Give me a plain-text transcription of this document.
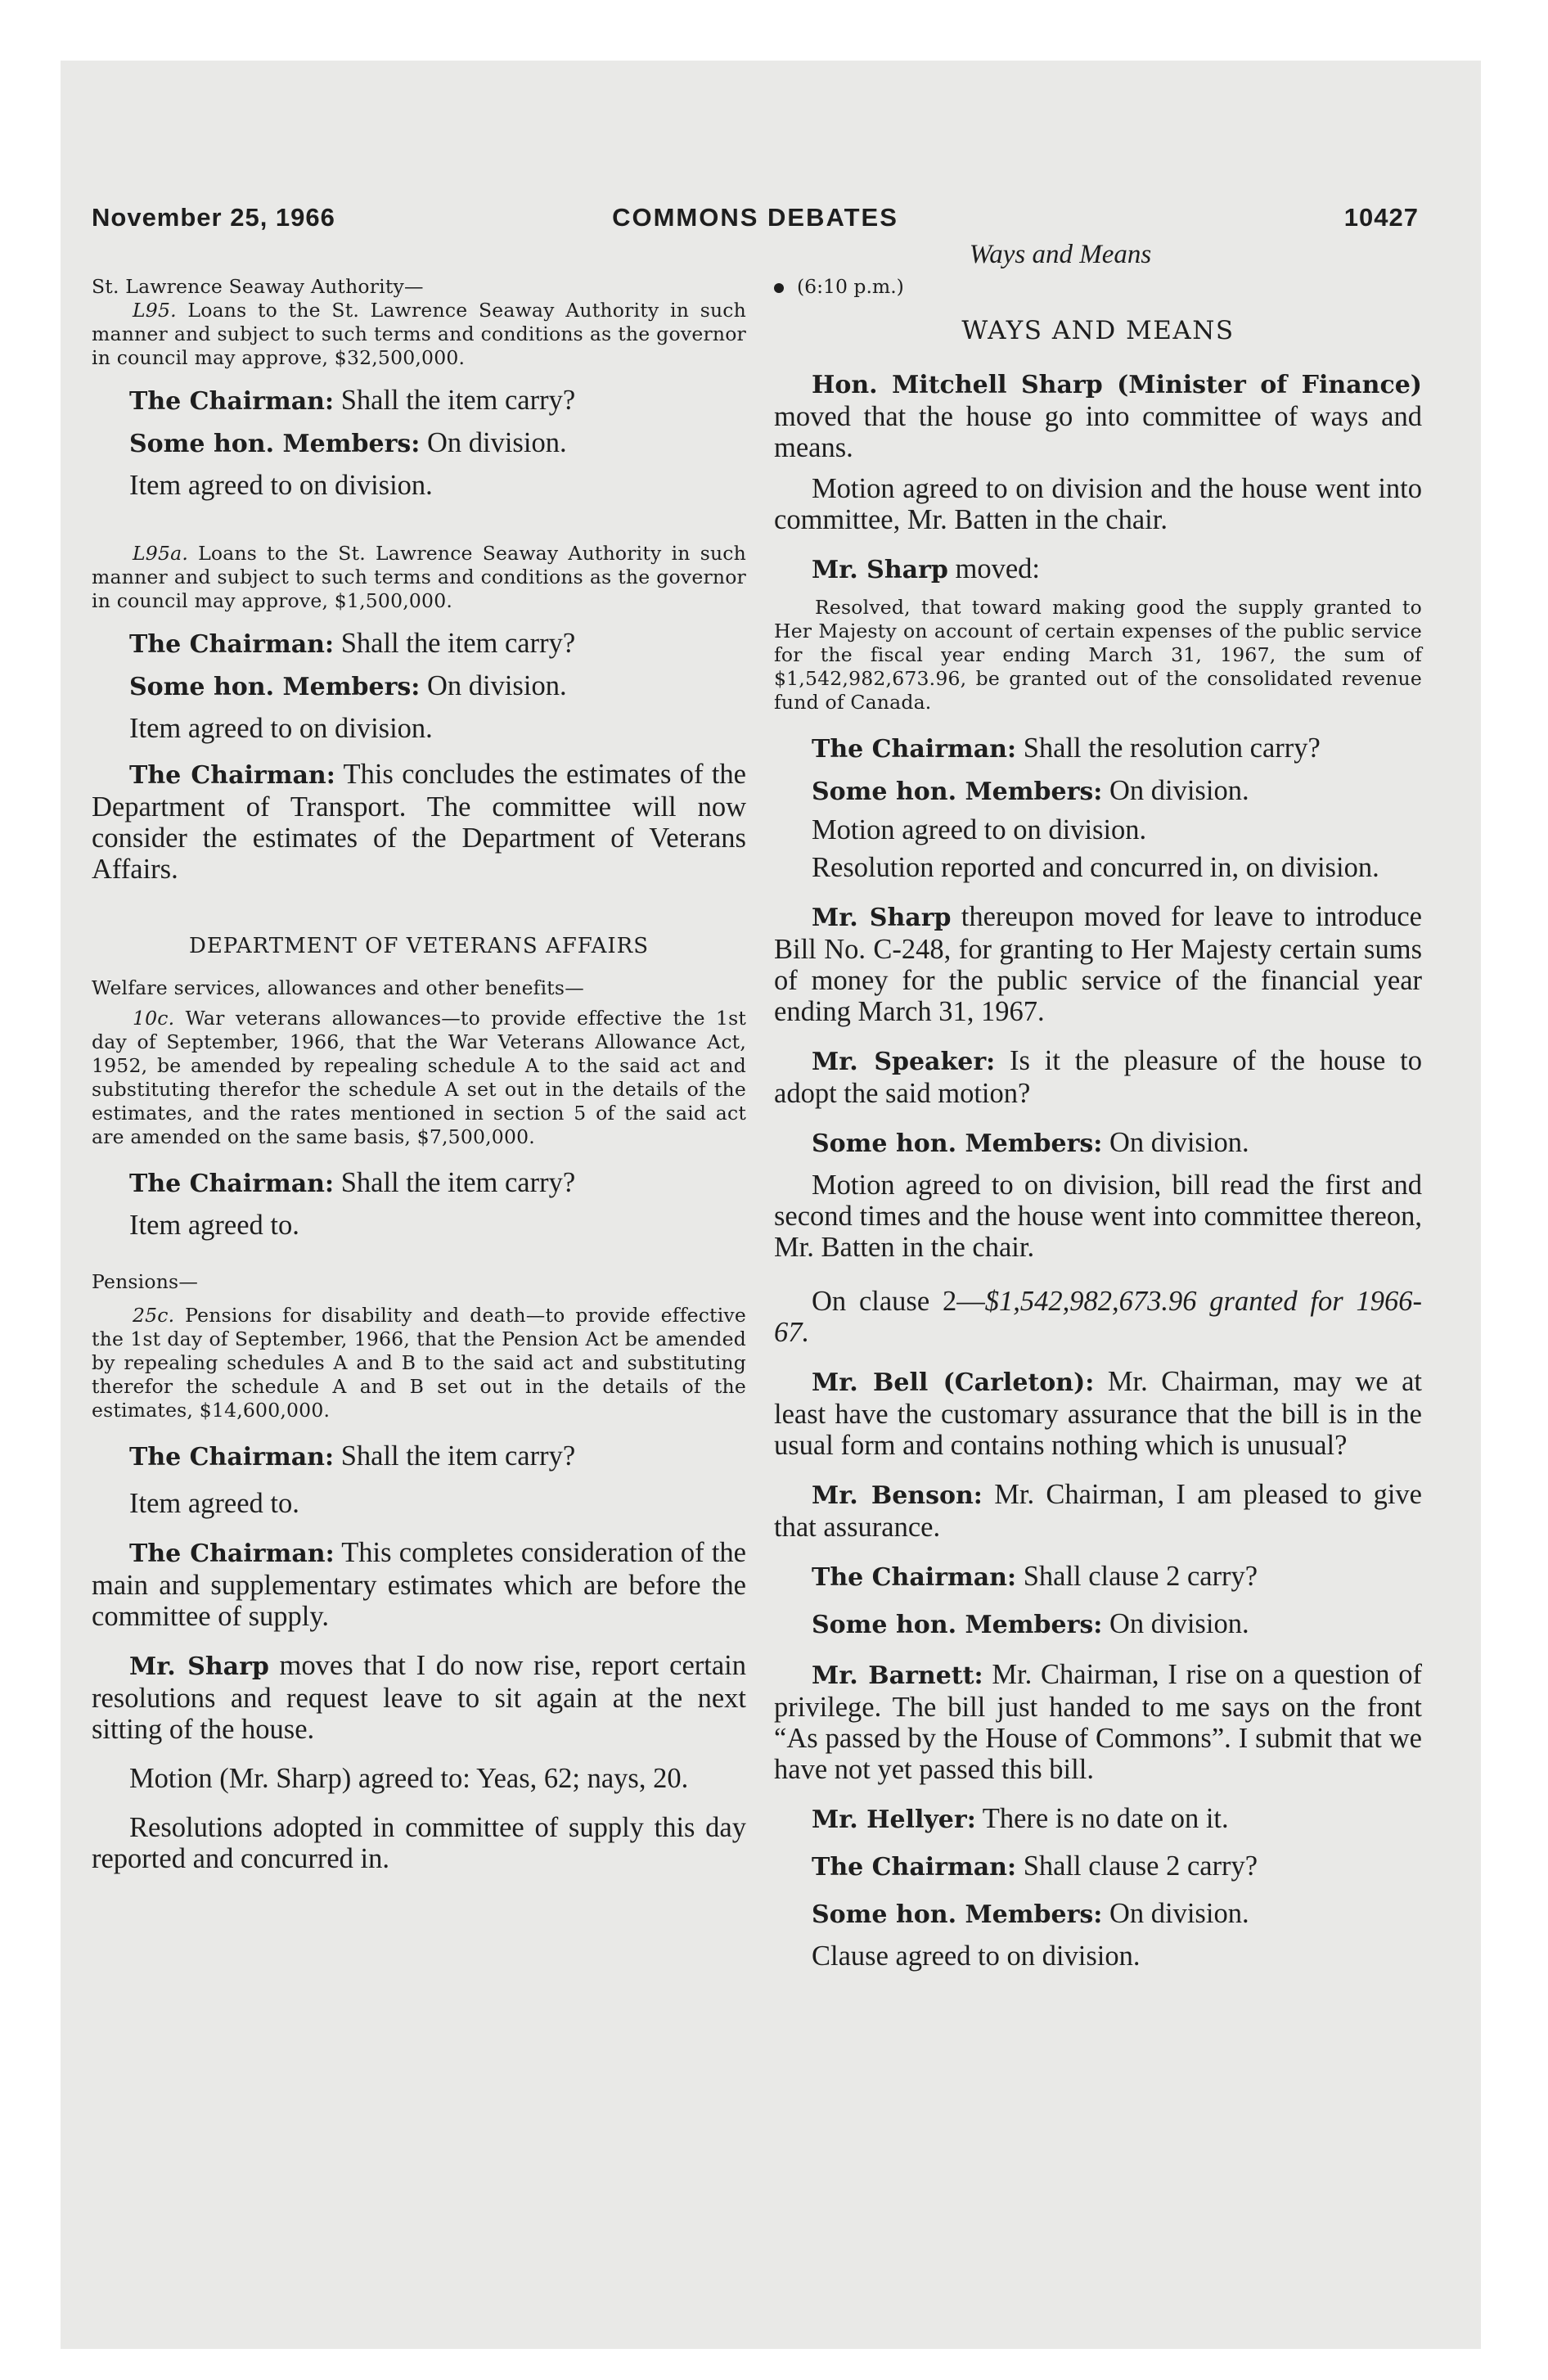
November 25, 1966	COMMONS DEBATES	10427
Ways and Means

St. Lawrence Seaway Authority—

L95. Loans to the St. Lawrence Seaway Authority in such manner and subject to such terms and conditions as the governor in council may approve, $32,500,000.

The Chairman: Shall the item carry?

Some hon. Members: On division.

Item agreed to on division.

L95a. Loans to the St. Lawrence Seaway Authority in such manner and subject to such terms and conditions as the governor in council may approve, $1,500,000.

The Chairman: Shall the item carry?

Some hon. Members: On division.

Item agreed to on division.

The Chairman: This concludes the estimates of the Department of Transport. The committee will now consider the estimates of the Department of Veterans Affairs.

DEPARTMENT OF VETERANS AFFAIRS

Welfare services, allowances and other benefits—

10c. War veterans allowances—to provide effective the 1st day of September, 1966, that the War Veterans Allowance Act, 1952, be amended by repealing schedule A to the said act and substituting therefor the schedule A set out in the details of the estimates, and the rates mentioned in section 5 of the said act are amended on the same basis, $7,500,000.

The Chairman: Shall the item carry?

Item agreed to.

Pensions—

25c. Pensions for disability and death—to provide effective the 1st day of September, 1966, that the Pension Act be amended by repealing schedules A and B to the said act and substituting therefor the schedule A and B set out in the details of the estimates, $14,600,000.

The Chairman: Shall the item carry?

Item agreed to.

The Chairman: This completes consideration of the main and supplementary estimates which are before the committee of supply.

Mr. Sharp moves that I do now rise, report certain resolutions and request leave to sit again at the next sitting of the house.

Motion (Mr. Sharp) agreed to: Yeas, 62; nays, 20.

Resolutions adopted in committee of supply this day reported and concurred in.

(6:10 p.m.)

WAYS AND MEANS

Hon. Mitchell Sharp (Minister of Finance) moved that the house go into committee of ways and means.

Motion agreed to on division and the house went into committee, Mr. Batten in the chair.

Mr. Sharp moved:

Resolved, that toward making good the supply granted to Her Majesty on account of certain expenses of the public service for the fiscal year ending March 31, 1967, the sum of $1,542,982,673.96, be granted out of the consolidated revenue fund of Canada.

The Chairman: Shall the resolution carry?

Some hon. Members: On division.

Motion agreed to on division.

Resolution reported and concurred in, on division.

Mr. Sharp thereupon moved for leave to introduce Bill No. C-248, for granting to Her Majesty certain sums of money for the public service of the financial year ending March 31, 1967.

Mr. Speaker: Is it the pleasure of the house to adopt the said motion?

Some hon. Members: On division.

Motion agreed to on division, bill read the first and second times and the house went into committee thereon, Mr. Batten in the chair.

On clause 2—$1,542,982,673.96 granted for 1966-67.

Mr. Bell (Carleton): Mr. Chairman, may we at least have the customary assurance that the bill is in the usual form and contains nothing which is unusual?

Mr. Benson: Mr. Chairman, I am pleased to give that assurance.

The Chairman: Shall clause 2 carry?

Some hon. Members: On division.

Mr. Barnett: Mr. Chairman, I rise on a question of privilege. The bill just handed to me says on the front “As passed by the House of Commons”. I submit that we have not yet passed this bill.

Mr. Hellyer: There is no date on it.

The Chairman: Shall clause 2 carry?

Some hon. Members: On division.

Clause agreed to on division.
